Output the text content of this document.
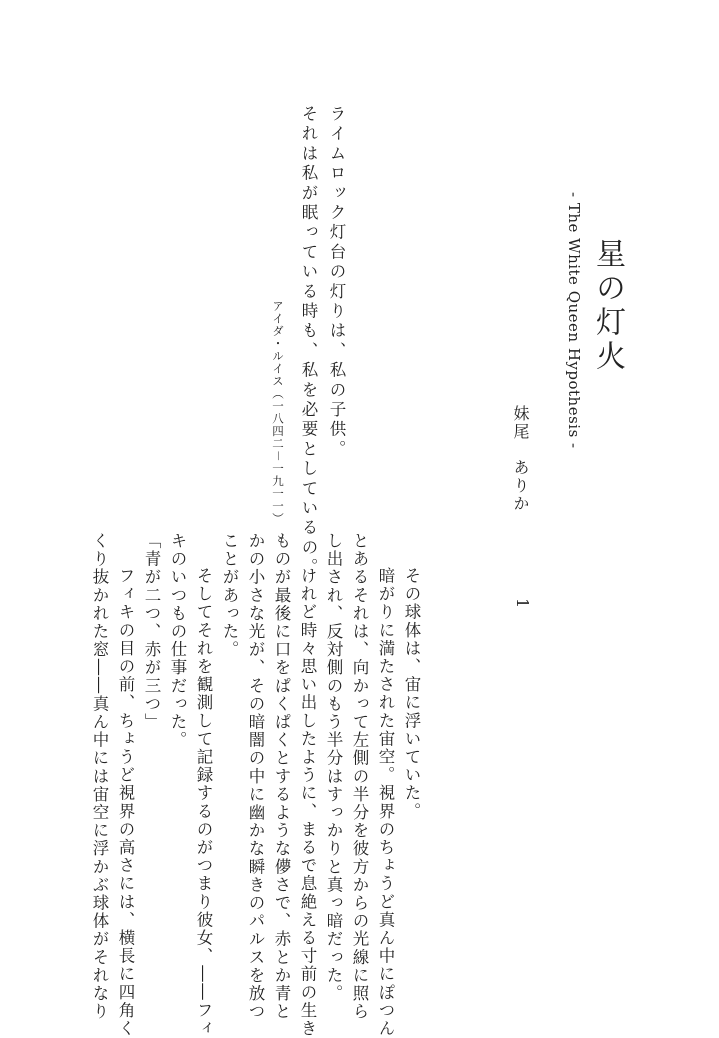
星の灯火
- The White Queen Hypothesis -
妹尾　ありか
ライムロック灯台の灯りは、私の子供。
それは私が眠っている時も、私を必要としているの。
アイダ・ルイス（一八四二－一九一一）
1

その球体は、宙に浮いていた。

暗がりに満たされた宙空。視界のちょうど真ん中にぽつん

とあるそれは、向かって左側の半分を彼方からの光線に照ら

し出され、反対側のもう半分はすっかりと真っ暗だった。

けれど時々思い出したように、まるで息絶える寸前の生き

ものが最後に口をぱくぱくとするような儚さで、赤とか青と

かの小さな光が、その暗闇の中に幽かな瞬きのパルスを放つ

ことがあった。

そしてそれを観測して記録するのがつまり彼女、――フィ

キのいつもの仕事だった。

「青が二つ、赤が三つ」

フィキの目の前、ちょうど視界の高さには、横長に四角く

くり抜かれた窓――真ん中には宙空に浮かぶ球体がそれなり
